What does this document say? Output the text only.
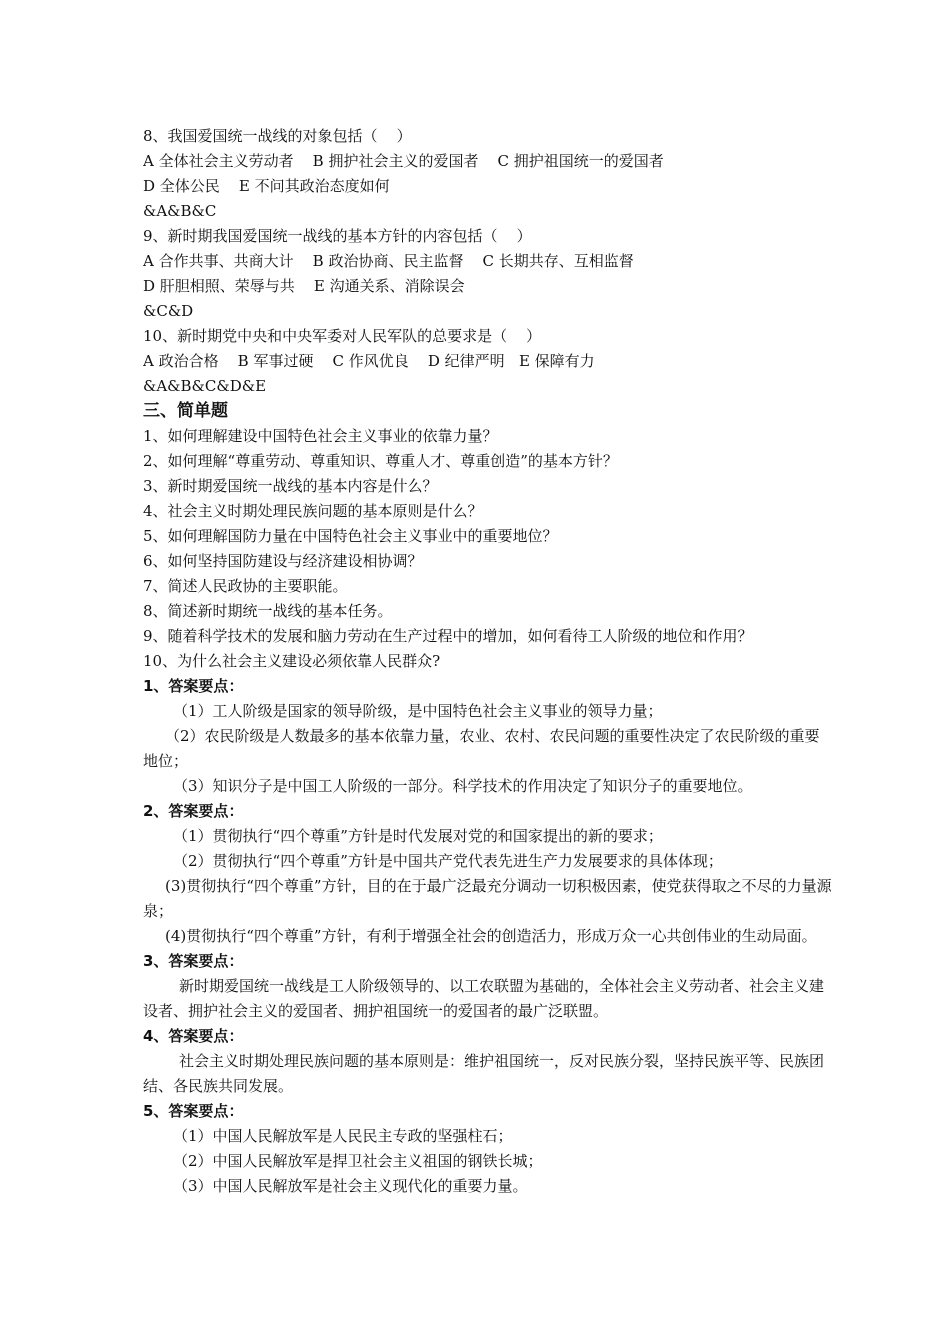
8、我国爱国统一战线的对象包括（    ）
A 全体社会主义劳动者    B 拥护社会主义的爱国者    C 拥护祖国统一的爱国者
D 全体公民    E 不问其政治态度如何
&A&B&C
9、新时期我国爱国统一战线的基本方针的内容包括（    ）
A 合作共事、共商大计    B 政治协商、民主监督    C 长期共存、互相监督
D 肝胆相照、荣辱与共    E 沟通关系、消除误会
&C&D
10、新时期党中央和中央军委对人民军队的总要求是（    ）
A 政治合格    B 军事过硬    C 作风优良    D 纪律严明   E 保障有力
&A&B&C&D&E
三、简单题
1、如何理解建设中国特色社会主义事业的依靠力量？
2、如何理解“尊重劳动、尊重知识、尊重人才、尊重创造”的基本方针？
3、新时期爱国统一战线的基本内容是什么？
4、社会主义时期处理民族问题的基本原则是什么？
5、如何理解国防力量在中国特色社会主义事业中的重要地位？
6、如何坚持国防建设与经济建设相协调？
7、简述人民政协的主要职能。
8、简述新时期统一战线的基本任务。
9、随着科学技术的发展和脑力劳动在生产过程中的增加，如何看待工人阶级的地位和作用？
10、为什么社会主义建设必须依靠人民群众?
1、答案要点：
（1）工人阶级是国家的领导阶级，是中国特色社会主义事业的领导力量；
（2）农民阶级是人数最多的基本依靠力量，农业、农村、农民问题的重要性决定了农民阶级的重要地位；
（3）知识分子是中国工人阶级的一部分。科学技术的作用决定了知识分子的重要地位。
2、答案要点：
（1）贯彻执行“四个尊重”方针是时代发展对党的和国家提出的新的要求；
（2）贯彻执行“四个尊重”方针是中国共产党代表先进生产力发展要求的具体体现；
(3)贯彻执行“四个尊重”方针，目的在于最广泛最充分调动一切积极因素，使党获得取之不尽的力量源泉；
(4)贯彻执行“四个尊重”方针，有利于增强全社会的创造活力，形成万众一心共创伟业的生动局面。
3、答案要点：
新时期爱国统一战线是工人阶级领导的、以工农联盟为基础的，全体社会主义劳动者、社会主义建设者、拥护社会主义的爱国者、拥护祖国统一的爱国者的最广泛联盟。
4、答案要点：
社会主义时期处理民族问题的基本原则是：维护祖国统一，反对民族分裂，坚持民族平等、民族团结、各民族共同发展。
5、答案要点：
（1）中国人民解放军是人民民主专政的坚强柱石；
（2）中国人民解放军是捍卫社会主义祖国的钢铁长城；
（3）中国人民解放军是社会主义现代化的重要力量。
